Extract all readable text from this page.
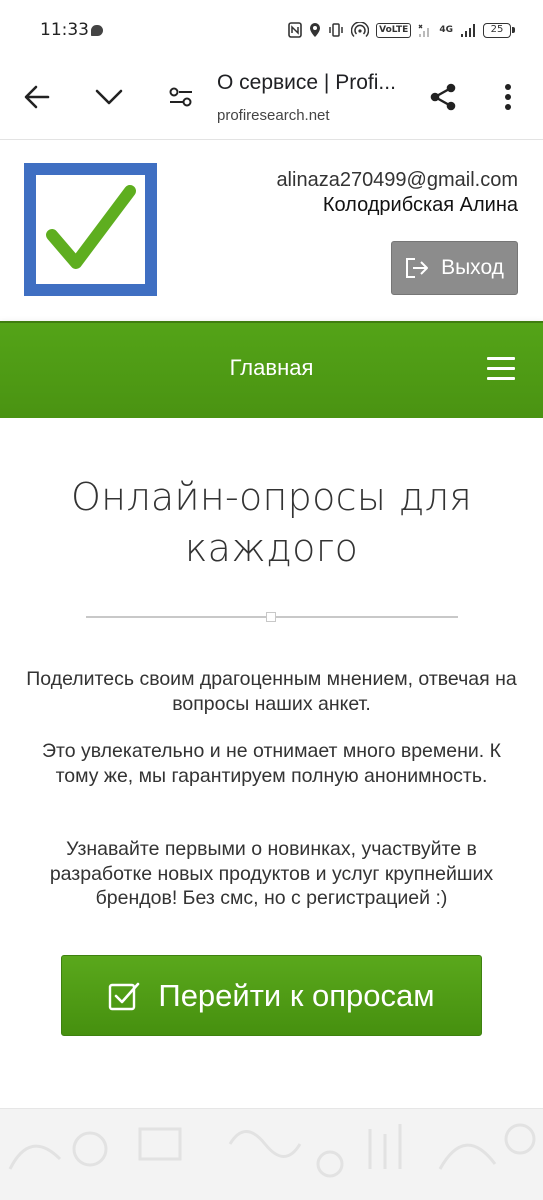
11:33	VoLTE	4G	25
О сервисе | Profi...
profiresearch.net
alinaza270499@gmail.com
Колодрибская Алина
Выход
Главная
Онлайн-опросы для каждого

Поделитесь своим драгоценным мнением, отвечая на вопросы наших анкет.

Это увлекательно и не отнимает много времени. К тому же, мы гарантируем полную анонимность.

Узнавайте первыми о новинках, участвуйте в разработке новых продуктов и услуг крупнейших брендов! Без смс, но с регистрацией :)

Перейти к опросам
